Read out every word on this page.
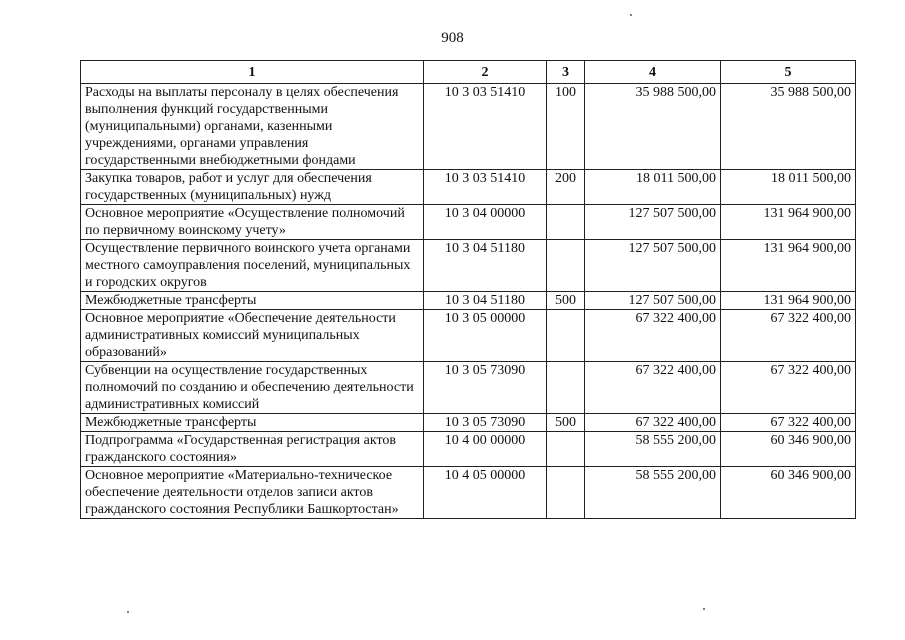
908
1	2	3	4	5
Расходы на выплаты персоналу в целях обеспечения выполнения функций государственными (муниципальными) органами, казенными учреждениями, органами управления государственными внебюджетными фондами	10 3 03 51410	100	35 988 500,00	35 988 500,00
Закупка товаров, работ и услуг для обеспечения государственных (муниципальных) нужд	10 3 03 51410	200	18 011 500,00	18 011 500,00
Основное мероприятие «Осуществление полномочий по первичному воинскому учету»	10 3 04 00000		127 507 500,00	131 964 900,00
Осуществление первичного воинского учета органами местного самоуправления поселений, муниципальных и городских округов	10 3 04 51180		127 507 500,00	131 964 900,00
Межбюджетные трансферты	10 3 04 51180	500	127 507 500,00	131 964 900,00
Основное мероприятие «Обеспечение деятельности административных комиссий муниципальных образований»	10 3 05 00000		67 322 400,00	67 322 400,00
Субвенции на осуществление государственных полномочий по созданию и обеспечению деятельности административных комиссий	10 3 05 73090		67 322 400,00	67 322 400,00
Межбюджетные трансферты	10 3 05 73090	500	67 322 400,00	67 322 400,00
Подпрограмма «Государственная регистрация актов гражданского состояния»	10 4 00 00000		58 555 200,00	60 346 900,00
Основное мероприятие «Материально-техническое обеспечение деятельности отделов записи актов гражданского состояния Республики Башкортостан»	10 4 05 00000		58 555 200,00	60 346 900,00
